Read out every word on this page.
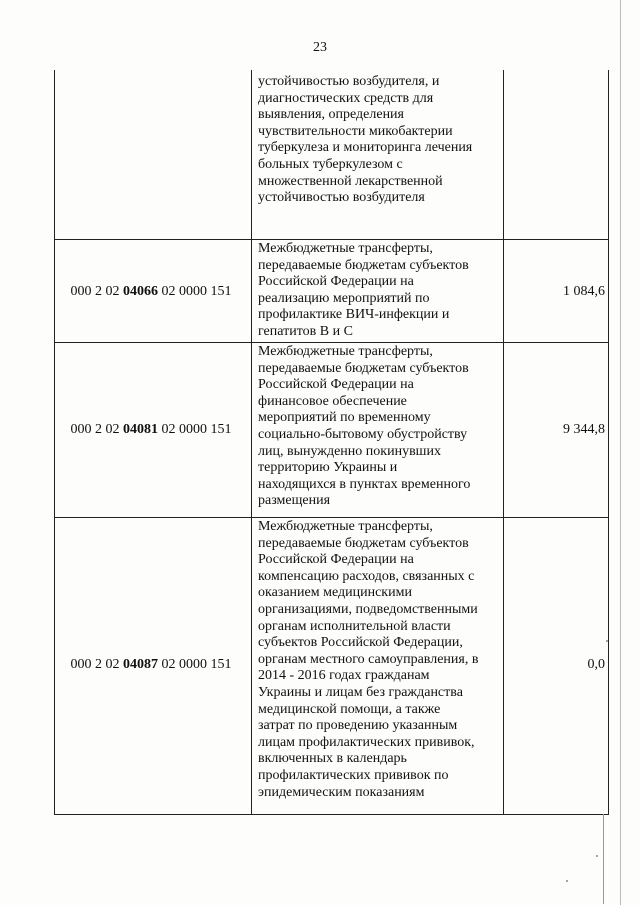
23
устойчивостью возбудителя, и
диагностических средств для
выявления, определения
чувствительности микобактерии
туберкулеза и мониторинга лечения
больных туберкулезом с
множественной лекарственной
устойчивостью возбудителя
000 2 02 04066 02 0000 151
Межбюджетные трансферты,
передаваемые бюджетам субъектов
Российской Федерации на
реализацию мероприятий по
профилактике ВИЧ-инфекции и
гепатитов В и С
1 084,6
000 2 02 04081 02 0000 151
Межбюджетные трансферты,
передаваемые бюджетам субъектов
Российской Федерации на
финансовое обеспечение
мероприятий по временному
социально-бытовому обустройству
лиц, вынужденно покинувших
территорию Украины и
находящихся в пунктах временного
размещения
9 344,8
000 2 02 04087 02 0000 151
Межбюджетные трансферты,
передаваемые бюджетам субъектов
Российской Федерации на
компенсацию расходов, связанных с
оказанием медицинскими
организациями, подведомственными
органам исполнительной власти
субъектов Российской Федерации,
органам местного самоуправления, в
2014 - 2016 годах гражданам
Украины и лицам без гражданства
медицинской помощи, а также
затрат по проведению указанным
лицам профилактических прививок,
включенных в календарь
профилактических прививок по
эпидемическим показаниям
0,0
